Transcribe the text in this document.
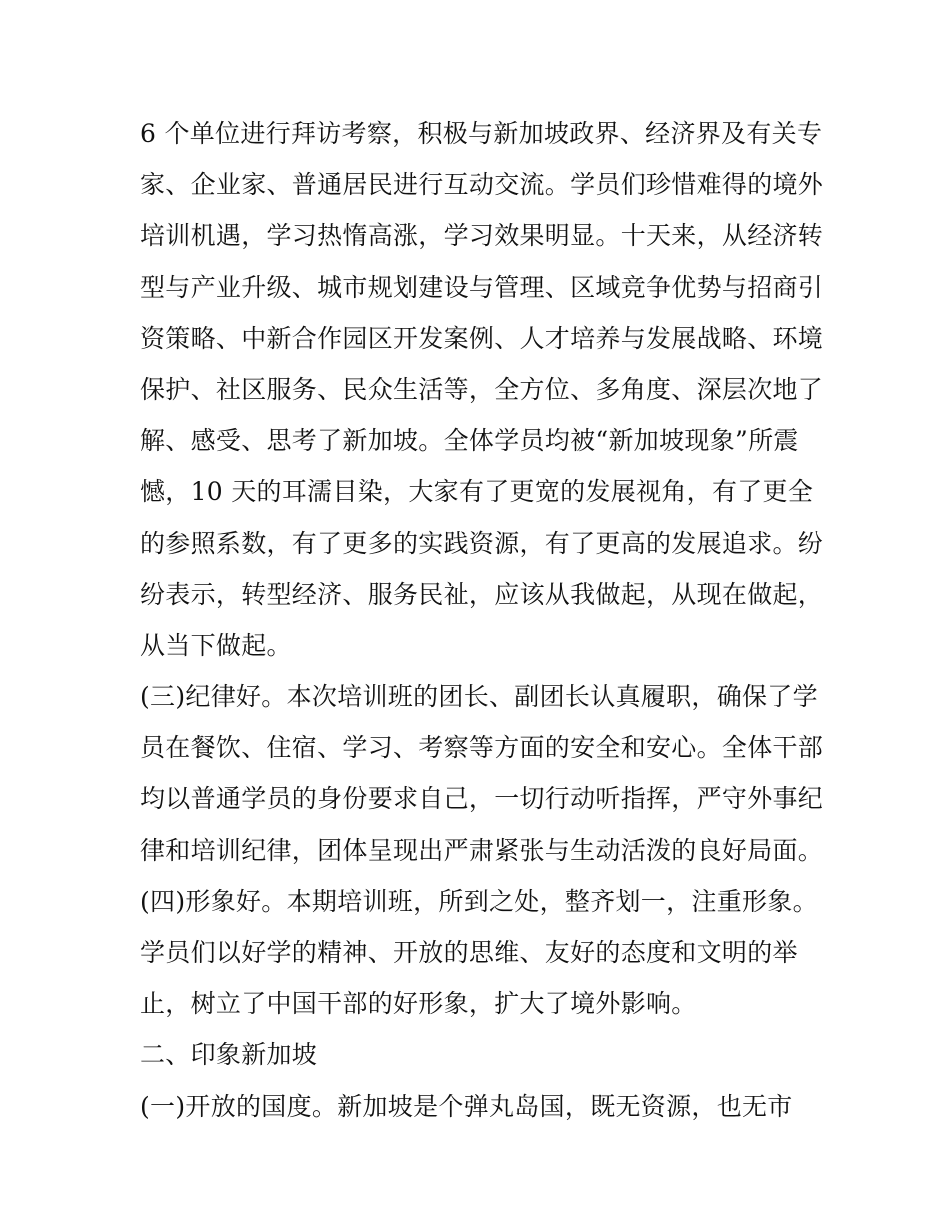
6 个单位进行拜访考察，积极与新加坡政界、经济界及有关专
家、企业家、普通居民进行互动交流。学员们珍惜难得的境外
培训机遇，学习热惰高涨，学习效果明显。十天来，从经济转
型与产业升级、城市规划建设与管理、区域竞争优势与招商引
资策略、中新合作园区开发案例、人才培养与发展战略、环境
保护、社区服务、民众生活等，全方位、多角度、深层次地了
解、感受、思考了新加坡。全体学员均被“新加坡现象”所震
憾，10 天的耳濡目染，大家有了更宽的发展视角，有了更全
的参照系数，有了更多的实践资源，有了更高的发展追求。纷
纷表示，转型经济、服务民祉，应该从我做起，从现在做起，
从当下做起。
(三)纪律好。本次培训班的团长、副团长认真履职，确保了学
员在餐饮、住宿、学习、考察等方面的安全和安心。全体干部
均以普通学员的身份要求自己，一切行动听指挥，严守外事纪
律和培训纪律，团体呈现出严肃紧张与生动活泼的良好局面。
(四)形象好。本期培训班，所到之处，整齐划一，注重形象。
学员们以好学的精神、开放的思维、友好的态度和文明的举
止，树立了中国干部的好形象，扩大了境外影响。
二、印象新加坡
(一)开放的国度。新加坡是个弹丸岛国，既无资源，也无市
